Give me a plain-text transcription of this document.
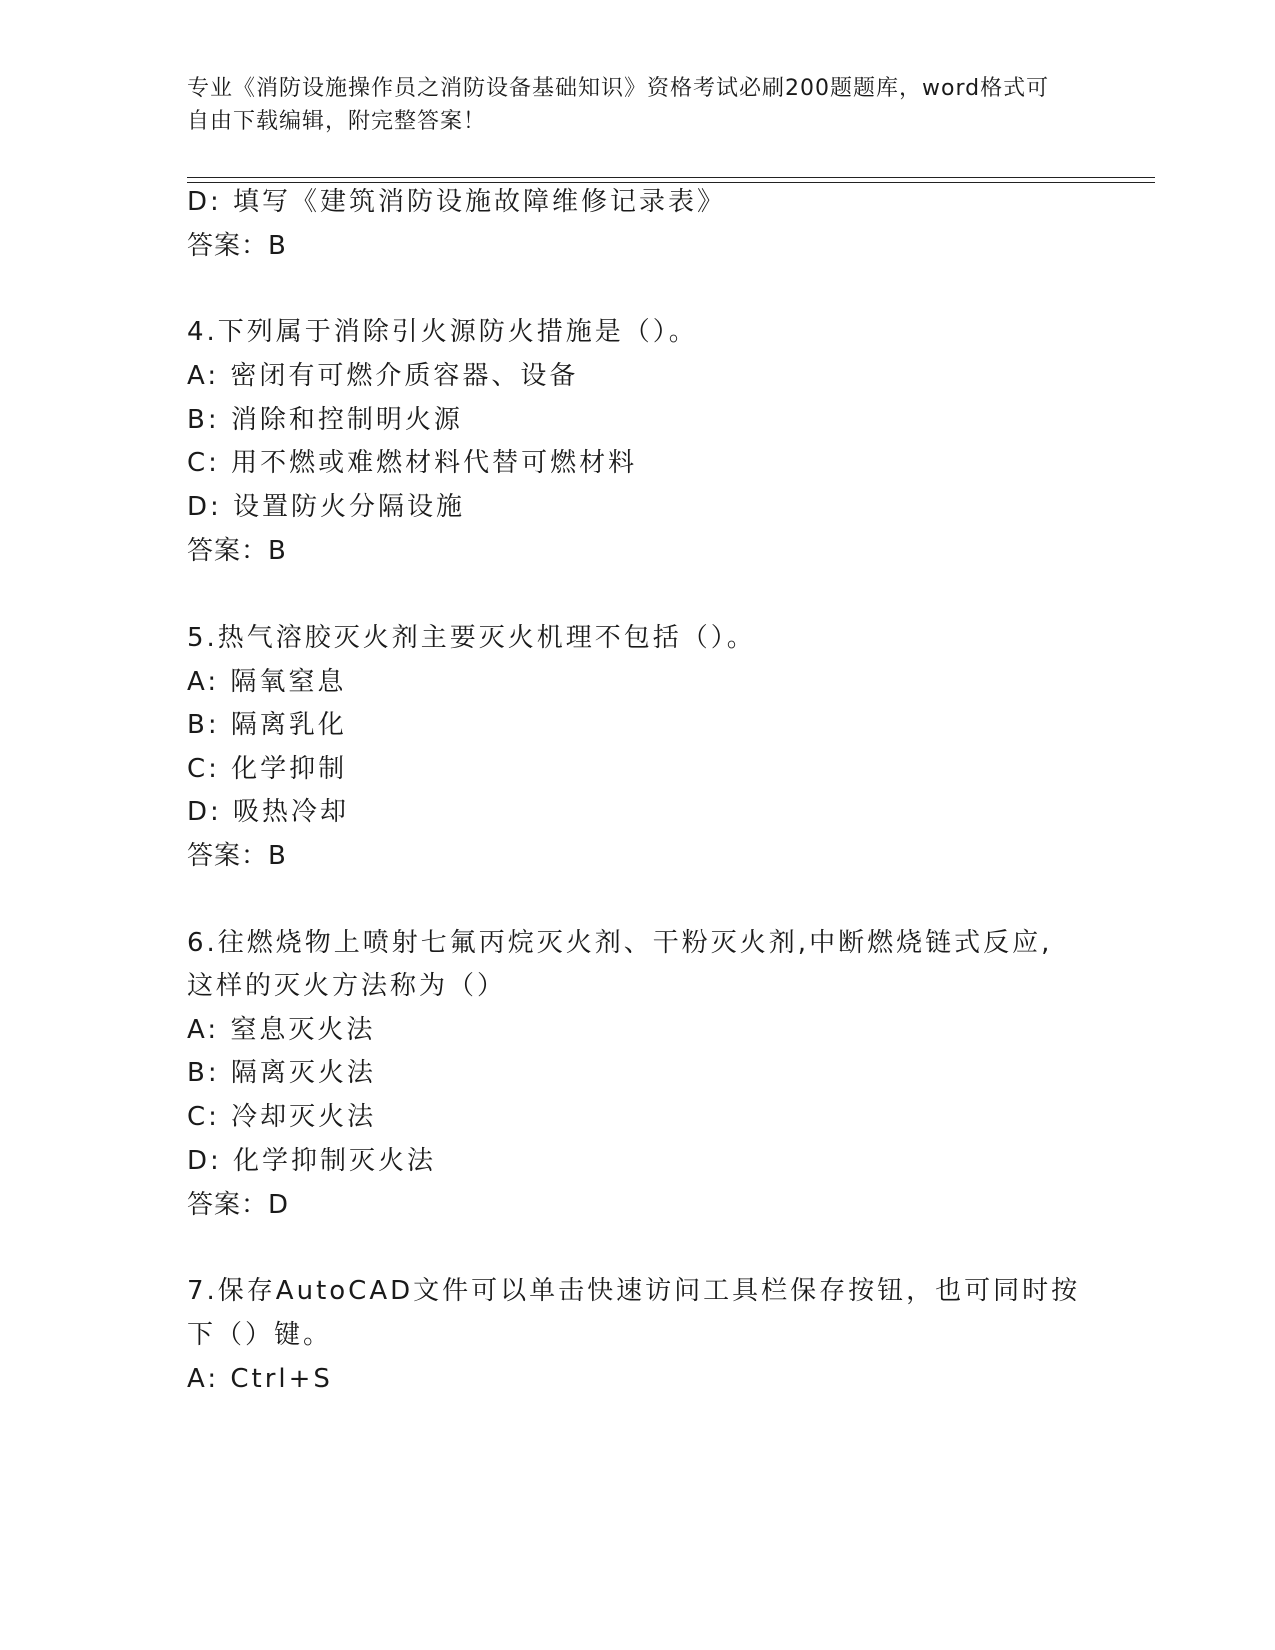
专业《消防设施操作员之消防设备基础知识》资格考试必刷200题题库，word格式可自由下载编辑，附完整答案！
D: 填写《建筑消防设施故障维修记录表》
答案：B
4.下列属于消除引火源防火措施是（）。
A: 密闭有可燃介质容器、设备
B: 消除和控制明火源
C: 用不燃或难燃材料代替可燃材料
D: 设置防火分隔设施
答案：B
5.热气溶胶灭火剂主要灭火机理不包括（）。
A: 隔氧窒息
B: 隔离乳化
C: 化学抑制
D: 吸热冷却
答案：B
6.往燃烧物上喷射七氟丙烷灭火剂、干粉灭火剂,中断燃烧链式反应,
这样的灭火方法称为（）
A: 窒息灭火法
B: 隔离灭火法
C: 冷却灭火法
D: 化学抑制灭火法
答案：D
7.保存AutoCAD文件可以单击快速访问工具栏保存按钮，也可同时按
下（）键。
A: Ctrl+S
